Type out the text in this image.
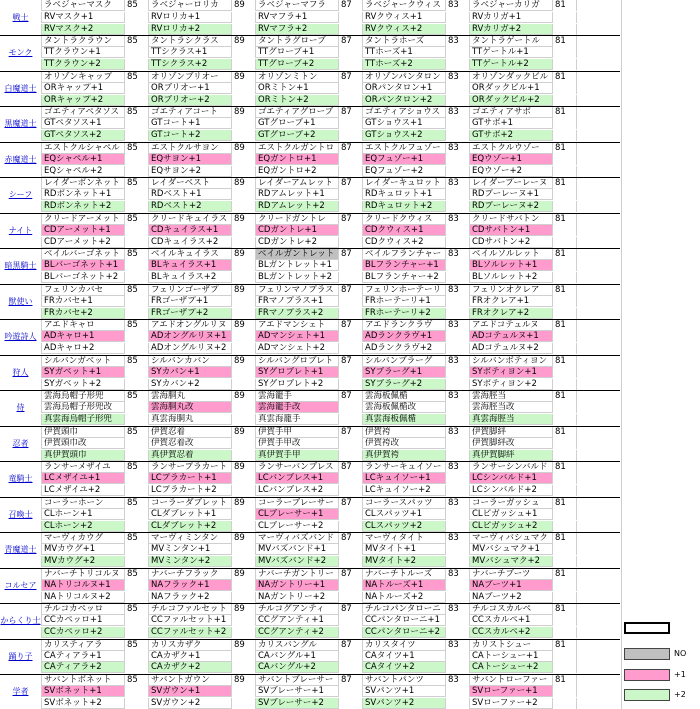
ラベジャーマスク	85	ラベジャーロリカ	89	ラベジャーマフラ	87	ラベジャークウィス 83	ラベジャーカリガ	81
戦士	RVマスク+1	RVロリカ+1	RVマフラ+1	RVクウィス+1	RVカリガ+1
RVマスク+2	RVロリカ+2	RVマフラ+2	RVクウィス+2	RVカリガ+2
タントラクラウン	85	タントラシクラス	89	タントラグローブ	87	タントラホーズ	83	タントラゲートル	81
モンク	TTクラウン+1	TTシクラス+1	TTグローブ+1	TTホーズ+1	TTゲートル+1
TTクラウン+2	TTシクラス+2	TTグローブ+2	TTホーズ+2	TTゲートル+2
オリゾンキャップ	85	オリゾンブリオー	89	オリゾンミトン	87	オリゾンパンタロン 83	オリゾンダックビル 81
白魔道士 ORキャップ+1	ORブリオー+1	ORミトン+1	ORパンタロン+1	ORダックビル+1
ORキャップ+2	ORブリオー+2	ORミトン+2	ORパンタロン+2	ORダックビル+2
ゴエティアペタソス 85	ゴエティアコート	89	ゴエティアグローブ 87	ゴエティアショウス 83	ゴエティアサボ	81
黒魔道士 GTペタソス+1	GTコート+1	GTグローブ+1	GTショウス+1	GTサボ+1
GTペタソス+2	GTコート+2	GTグローブ+2	GTショウス+2	GTサボ+2
エストクルシャペル 85	エストクルサヨン	89	エストクルガントロ 87	エストクルフュゾー 83	エストクルウゾー	81
赤魔道士 EQシャペル+1	EQサヨン+1	EQガントロ+1	EQフュゾー+1	EQウゾー+1
EQシャペル+2	EQサヨン+2	EQガントロ+2	EQフュゾー+2	EQウゾー+2
レイダーボンネット 85	レイダーベスト	89	レイダーアムレット 87	レイダーキュロット 83	レイダープーレーヌ 81
シーフ	RDボンネット+1	RDベスト+1	RDアムレット+1	RDキュロット+1	RDプーレーヌ+1
RDボンネット+2	RDベスト+2	RDアムレット+2	RDキュロット+2	RDプーレーヌ+2
クリードアーメット 85	クリードキュイラス 89	クリードガントレ	87	クリードクウィス	83	クリードサバトン	81
ナイト	CDアーメット+1	CDキュイラス+1	CDガントレ+1	CDクウィス+1	CDサバトン+1
CDアーメット+2	CDキュイラス+2	CDガントレ+2	CDクウィス+2	CDサバトン+2
ベイルバーゴネット 85	ベイルキュイラス	89	ベイルガントレット 87	ベイルフランチャー 83	ベイルソルレット	81
暗黒騎士 BLバーゴネット+1	BLキュイラス+1	BLガントレット+1	BLフランチャー+1	BLソルレット+1
BLバーゴネット+2	BLキュイラス+2	BLガントレット+2	BLフランチャー+2	BLソルレット+2
フェリンカバセ	85	フェリンゴーザプ	89	フェリンマノプラス 87	フェリンホーテーリ 83	フェリンオクレア	81
獣使い	FRカバセ+1	FRゴーザプ+1	FRマノプラス+1	FRホーテーリ+1	FRオクレア+1
FRカバセ+2	FRゴーザプ+2	FRマノプラス+2	FRホーテーリ+2	FRオクレア+2
アエドキャロ	85	アエドオングルリヌ 89	アエドマンシェト	87	アエドランクラヴ	83	アエドコテュルヌ	81
吟遊詩人 ADキャロ+1	ADオングルリヌ+1	ADマンシェト+1	ADランクラヴ+1	ADコテュルヌ+1
ADキャロ+2	ADオングルリヌ+2	ADマンシェト+2	ADランクラヴ+2	ADコテュルヌ+2
シルバンガベット	85	シルバンカバン	89	シルバングロブレト 87	シルバンブラーグ	83	シルバンボティヨン 81
狩人	SYガベット+1	SYカバン+1	SYグロブレト+1	SYブラーグ+1	SYボティヨン+1
SYガベット+2	SYカバン+2	SYグロブレト+2	SYブラーグ+2	SYボティヨン+2
雲海烏帽子形兜	85	雲海胴丸	89	雲海籠手	87	雲海板佩楯	83	雲海脛当	81
侍	雲海烏帽子形兜改	雲海胴丸改	雲海籠手改	雲海板佩楯改	雲海脛当改
真雲海烏帽子形兜	真雲海胴丸	真雲海籠手	真雲海板佩楯	真雲海脛当
伊賀頭巾	85	伊賀忍着	89	伊賀手甲	87	伊賀袴	83	伊賀脚絆	81
忍者	伊賀頭巾改	伊賀忍着改	伊賀手甲改	伊賀袴改	伊賀脚絆改
真伊賀頭巾	真伊賀忍着	真伊賀手甲	真伊賀袴	真伊賀脚絆
ランサーメザイユ	85	ランサープラカート 89	ランサーバンブレス 87	ランサーキュイソー 83	ランサーシンバルド 81
竜騎士	LCメザイユ+1	LCプラカート+1	LCバンブレス+1	LCキュイソー+1	LCシンバルド+1
LCメザイユ+2	LCプラカート+2	LCバンブレス+2	LCキュイソー+2	LCシンバルド+2
コーラーホーン	85	コーラーダブレット 89	コーラーブレーサー 87	コーラースパッツ	83	コーラーガッシュ	81
召喚士	CLホーン+1	CLダブレット+1	CLブレーサー+1	CLスパッツ+1	CLピガッシュ+1
CLホーン+2	CLダブレット+2	CLブレーサー+2	CLスパッツ+2	CLピガッシュ+2
マーヴィカウグ	85	マーヴィミンタン	89	マーヴィバズバンド 87	マーヴィタイト	83	マーヴィバシュマク 81
青魔道士 MVカウグ+1	MVミンタン+1	MVバズバンド+1	MVタイト+1	MVバシュマク+1
MVカウグ+2	MVミンタン+2	MVバズバンド+2	MVタイト+2	MVバシュマク+2
ナバーチトリコルヌ 85	ナバーチフラック	89	ナバーチガントリー 87	ナバーチトルーズ	83	ナバーチブーツ	81
コルセア NAトリコルヌ+1	NAフラック+1	NAガントリー+1	NAトルーズ+1	NAブーツ+1
NAトリコルヌ+2	NAフラック+2	NAガントリー+2	NAトルーズ+2	NAブーツ+2
チルコカペッロ	85	チルコファルセット 89	チルコグアンティ	87	チルコパンタローニ 83	チルコスカルペ	81
からくり士 CCカペッロ+1	CCファルセット+1	CCグアンティ+1	CCパンタローニ+1	CCスカルペ+1
CCカペッロ+2	CCファルセット+2	CCグアンティ+2	CCパンタローニ+2	CCスカルペ+2
カリスティアラ	85	カリスカザク	89	カリスバングル	87	カリスタイツ	83	カリストシュー	81
踊り子	CAティアラ+1	CAカザク+1	CAバングル+1	CAタイツ+1	CAトーシュー+1
CAティアラ+2	CAカザク+2	CAバングル+2	CAタイツ+2	CAトーシュー+2
サバントボネット	85	サバントガウン	89	サバントブレーサー 87	サバントパンツ	83	サバントローファー 81
学者	SVボネット+1	SVガウン+1	SVブレーサー+1	SVパンツ+1	SVローファー+1
SVボネット+2	SVガウン+2	SVブレーサー+2	SVパンツ+2	SVローファー+2
NO
+1
+2
